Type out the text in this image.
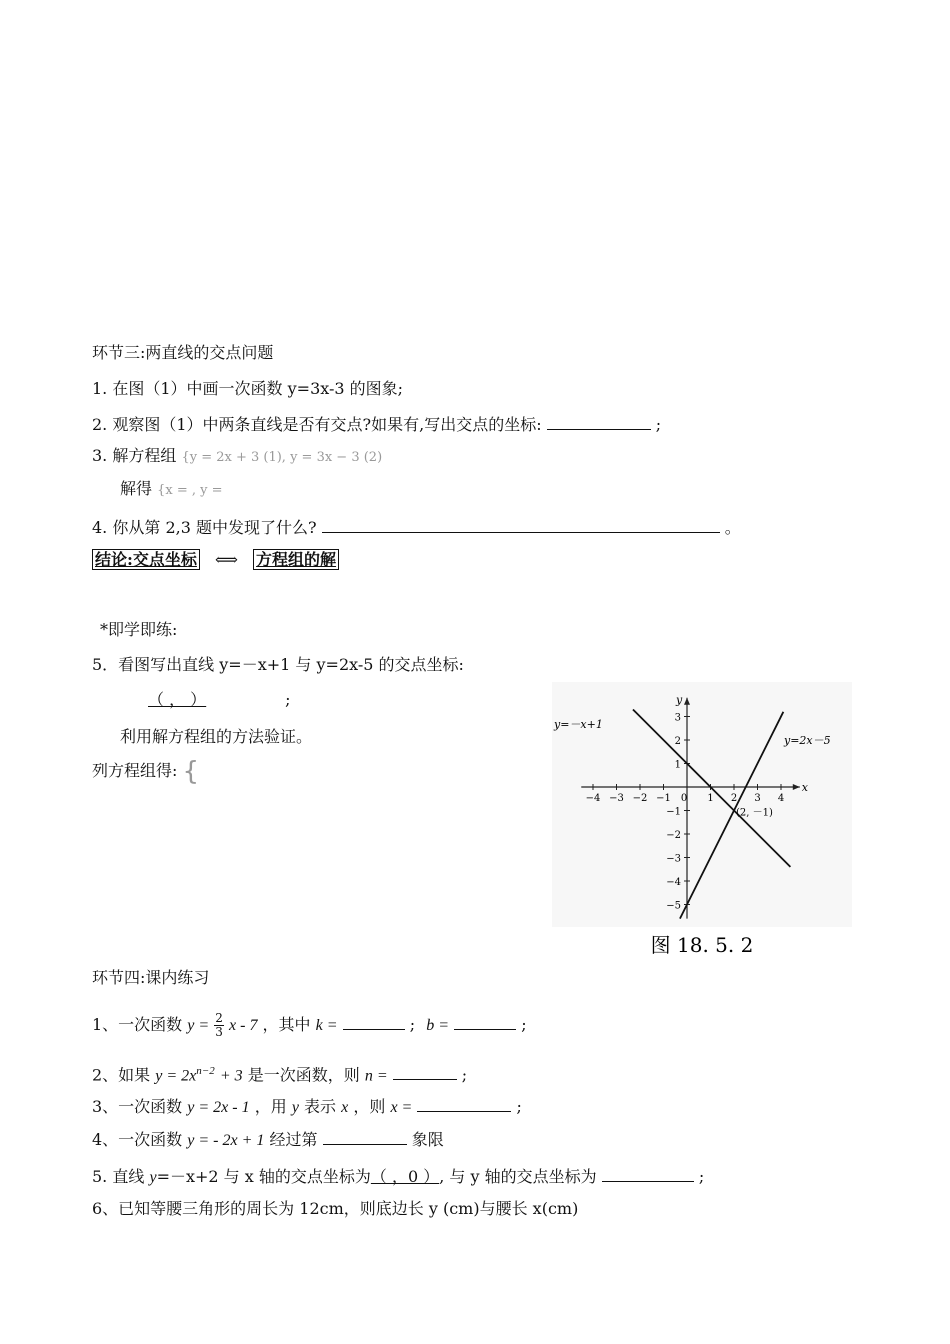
环节三:两直线的交点问题
1. 在图（1）中画一次函数 y=3x-3 的图象;
2. 观察图（1）中两条直线是否有交点?如果有,写出交点的坐标:	;
3. 解方程组 {y = 2x + 3 (1), y = 3x − 3 (2)
解得 {x = , y =
4. 你从第 2,3 题中发现了什么?	。
结论:交点坐标 ⟺ 方程组的解
*即学即练:
5．看图写出直线 y=－x+1 与 y=2x-5 的交点坐标:
（ ， ）	;
利用解方程组的方法验证。
列方程组得: {
x
y
−4 −3 −2 −1 0 1 2 3 4
3
2
1
−1
−2
−3
−4
−5
y=－x+1
y=2x－5
(2, －1)
图 18. 5. 2
环节四:课内练习
1、一次函数 $y = \frac{2}{3}$ x - 7 ，其中 k =	; b =	;
2、如果 $y = 2x^{n-2} + 3$ 是一次函数，则 n =	;
3、一次函数 y = 2x - 1 ，用 y 表示 x ，则 x =	;
4、一次函数 y = - 2x + 1 经过第	象限
5. 直线 y=－x+2 与 x 轴的交点坐标为（ ，0 ）, 与 y 轴的交点坐标为	;
6、已知等腰三角形的周长为 12cm，则底边长 y (cm)与腰长 x(cm)
